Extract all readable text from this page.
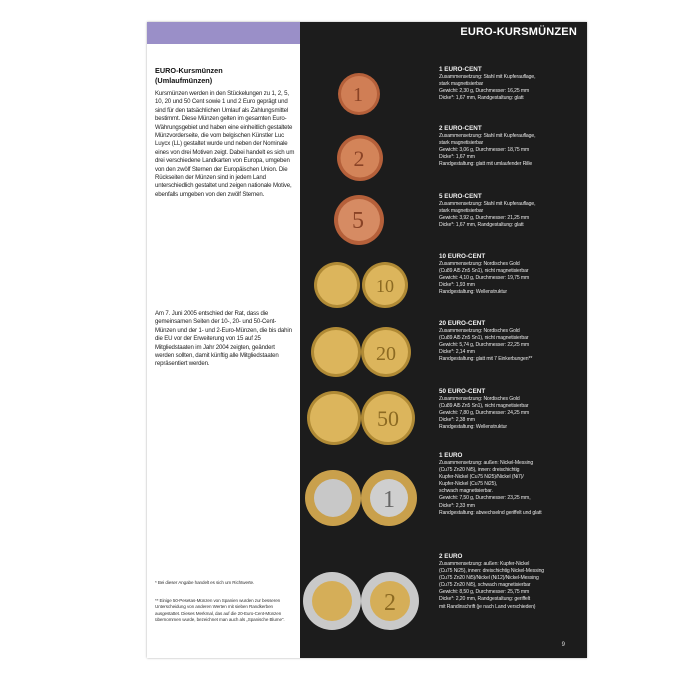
EURO-KURSMÜNZEN
EURO-Kursmünzen
(Umlaufmünzen)
Kursmünzen werden in den Stückelungen zu 1, 2, 5, 10, 20 und 50 Cent sowie 1 und 2 Euro geprägt und sind für den tatsächlichen Umlauf als Zahlungsmittel bestimmt. Diese Münzen gelten im gesamten Euro-Währungsgebiet und haben eine einheitlich gestaltete Münzvorderseite, die vom belgischen Künstler Luc Luycx (LL) gestaltet wurde und neben der Nominale eines von drei Motiven zeigt. Dabei handelt es sich um drei verschiedene Landkarten von Europa, umgeben von den zwölf Sternen der Europäischen Union. Die Rückseiten der Münzen sind in jedem Land unterschiedlich gestaltet und zeigen nationale Motive, ebenfalls umgeben von den zwölf Sternen.
Am 7. Juni 2005 entschied der Rat, dass die gemeinsamen Seiten der 10-, 20- und 50-Cent-Münzen und der 1- und 2-Euro-Münzen, die bis dahin die EU vor der Erweiterung von 15 auf 25 Mitgliedstaaten im Jahr 2004 zeigten, geändert werden sollten, damit künftig alle Mitgliedstaaten repräsentiert werden.
* Bei dieser Angabe handelt es sich um Richtwerte.
** Einige 50-Pesetas-Münzen von Spanien wurden zur besseren Unterscheidung von anderen Werten mit sieben Randkerben ausgestattet. Dieses Merkmal, das auf die 20-Euro-Cent-Münzen übernommen wurde, bezeichnet man auch als „Spanische Blume“.
1
2
5
10
20
50
1
2
1 EURO-CENT
Zusammensetzung: Stahl mit Kupferauflage,
stark magnetisierbar
Gewicht: 2,30 g, Durchmesser: 16,25 mm
Dicke*: 1,67 mm, Randgestaltung: glatt
2 EURO-CENT
Zusammensetzung: Stahl mit Kupferauflage,
stark magnetisierbar
Gewicht: 3,06 g, Durchmesser: 18,75 mm
Dicke*: 1,67 mm
Randgestaltung: glatt mit umlaufender Rille
5 EURO-CENT
Zusammensetzung: Stahl mit Kupferauflage,
stark magnetisierbar
Gewicht: 3,92 g, Durchmesser: 21,25 mm
Dicke*: 1,67 mm, Randgestaltung: glatt
10 EURO-CENT
Zusammensetzung: Nordisches Gold
(Cu89 Al5 Zn5 Sn1), nicht magnetisierbar
Gewicht: 4,10 g, Durchmesser: 19,75 mm
Dicke*: 1,93 mm
Randgestaltung: Wellenstruktur
20 EURO-CENT
Zusammensetzung: Nordisches Gold
(Cu89 Al5 Zn5 Sn1), nicht magnetisierbar
Gewicht: 5,74 g, Durchmesser: 22,25 mm
Dicke*: 2,14 mm
Randgestaltung: glatt mit 7 Einkerbungen**
50 EURO-CENT
Zusammensetzung: Nordisches Gold
(Cu89 Al5 Zn5 Sn1), nicht magnetisierbar
Gewicht: 7,80 g, Durchmesser: 24,25 mm
Dicke*: 2,38 mm
Randgestaltung: Wellenstruktur
1 EURO
Zusammensetzung: außen: Nickel-Messing
(Cu75 Zn20 Ni5), innen: dreischichtig
Kupfer-Nickel (Cu75 Ni25)/Nickel (Ni7)/
Kupfer-Nickel (Cu75 Ni25),
schwach magnetisierbar.
Gewicht: 7,50 g, Durchmesser: 23,25 mm,
Dicke*: 2,33 mm
Randgestaltung: abwechselnd geriffelt und glatt
2 EURO
Zusammensetzung: außen: Kupfer-Nickel
(Cu75 Ni25), innen: dreischichtig Nickel-Messing
(Cu75 Zn20 Ni5)/Nickel (Ni12)/Nickel-Messing
(Cu75 Zn20 Ni5), schwach magnetisierbar
Gewicht: 8,50 g, Durchmesser: 25,75 mm
Dicke*: 2,20 mm, Randgestaltung: geriffelt
mit Randinschrift (je nach Land verschieden)
9
